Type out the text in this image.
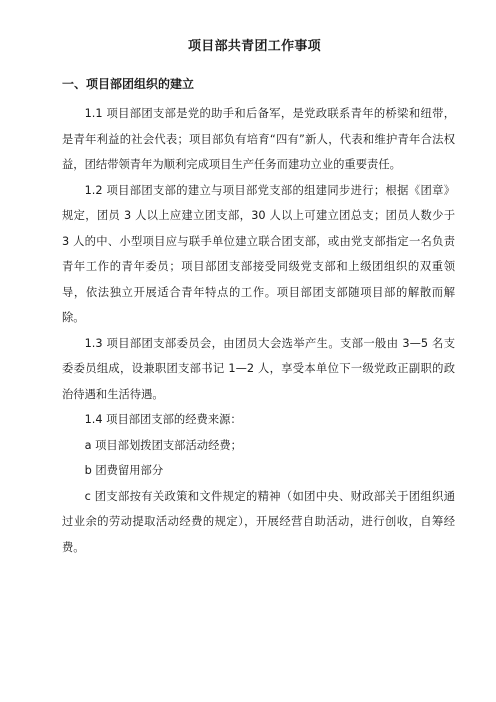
项目部共青团工作事项
一、项目部团组织的建立

1.1 项目部团支部是党的助手和后备军，是党政联系青年的桥梁和纽带，是青年利益的社会代表；项目部负有培育“四有”新人，代表和维护青年合法权益，团结带领青年为顺利完成项目生产任务而建功立业的重要责任。

1.2 项目部团支部的建立与项目部党支部的组建同步进行；根据《团章》规定，团员 3 人以上应建立团支部，30 人以上可建立团总支；团员人数少于 3 人的中、小型项目应与联手单位建立联合团支部，或由党支部指定一名负责青年工作的青年委员；项目部团支部接受同级党支部和上级团组织的双重领导，依法独立开展适合青年特点的工作。项目部团支部随项目部的解散而解除。

1.3 项目部团支部委员会，由团员大会选举产生。支部一般由 3—5 名支委委员组成，设兼职团支部书记 1—2 人，享受本单位下一级党政正副职的政治待遇和生活待遇。

1.4 项目部团支部的经费来源：

a 项目部划拨团支部活动经费；

b 团费留用部分

c 团支部按有关政策和文件规定的精神（如团中央、财政部关于团组织通过业余的劳动提取活动经费的规定），开展经营自助活动，进行创收，自筹经费。
